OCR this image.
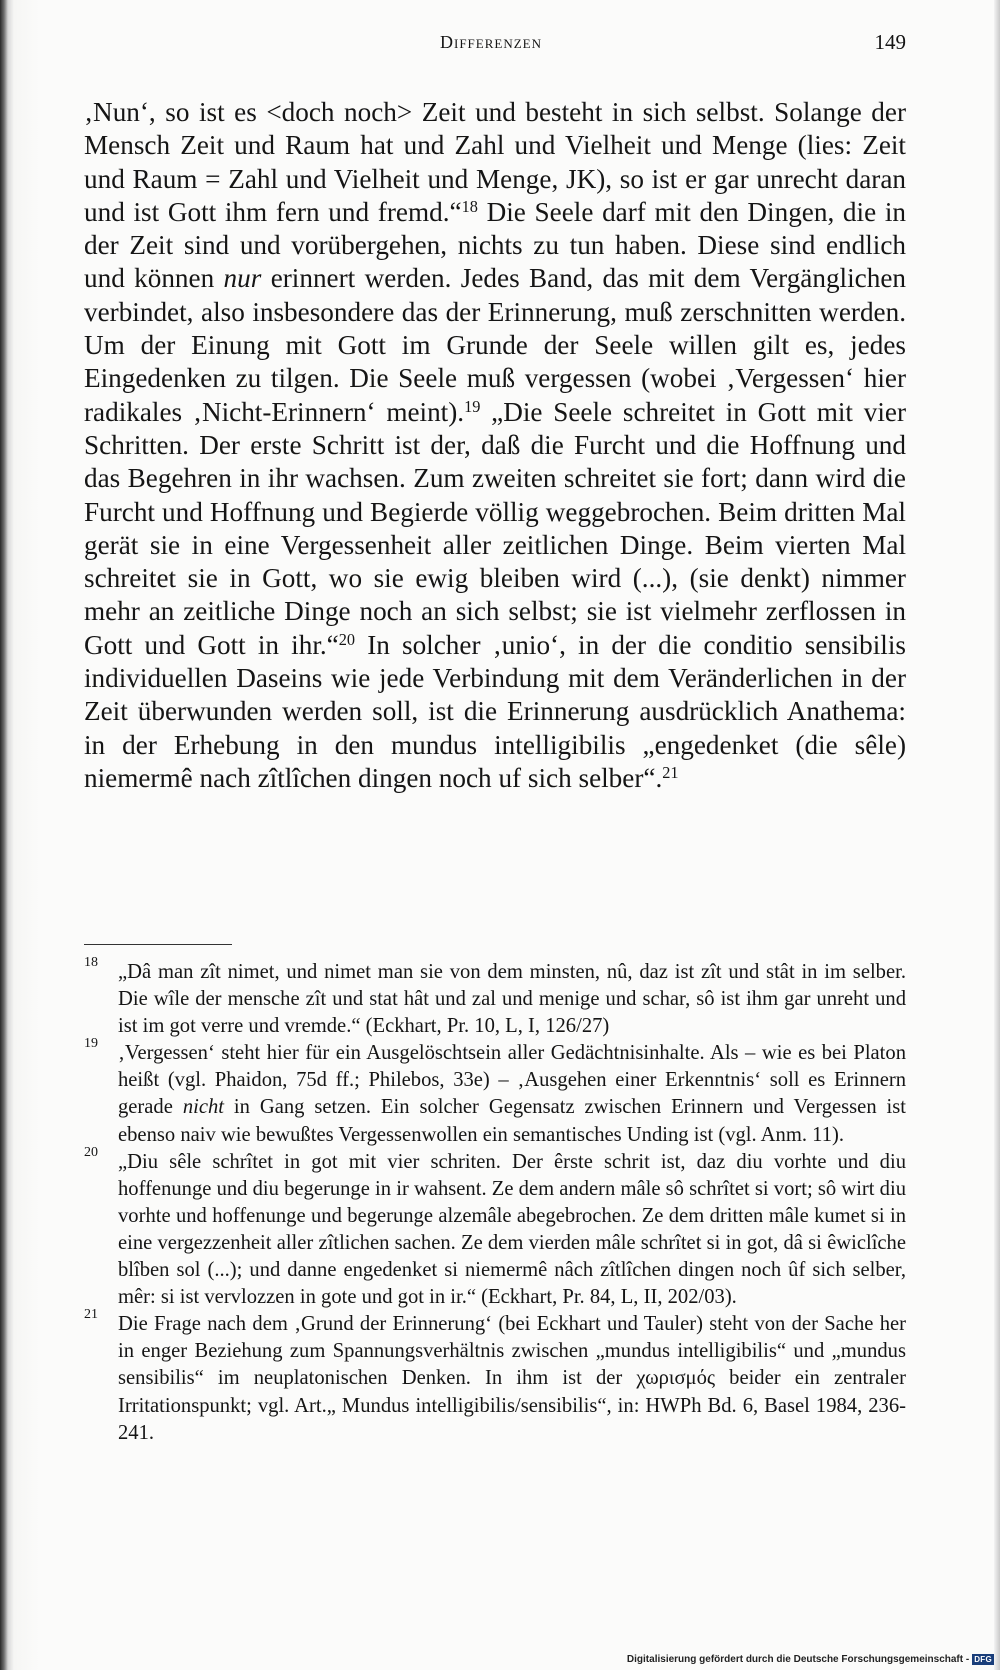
Differenzen	149

‚Nun‘, so ist es <doch noch> Zeit und besteht in sich selbst. Solange der Mensch Zeit und Raum hat und Zahl und Vielheit und Menge (lies: Zeit und Raum = Zahl und Vielheit und Menge, JK), so ist er gar unrecht daran und ist Gott ihm fern und fremd.“$^{18}$ Die Seele darf mit den Dingen, die in der Zeit sind und vorübergehen, nichts zu tun haben. Diese sind endlich und können nur erinnert werden. Jedes Band, das mit dem Vergänglichen verbindet, also insbesondere das der Erinnerung, muß zerschnitten werden. Um der Einung mit Gott im Grunde der Seele willen gilt es, jedes Eingedenken zu tilgen. Die Seele muß vergessen (wobei ‚Vergessen‘ hier radikales ‚Nicht-Erinnern‘ meint).$^{19}$ „Die Seele schreitet in Gott mit vier Schritten. Der erste Schritt ist der, daß die Furcht und die Hoffnung und das Begehren in ihr wachsen. Zum zweiten schreitet sie fort; dann wird die Furcht und Hoffnung und Begierde völlig weggebrochen. Beim dritten Mal gerät sie in eine Vergessenheit aller zeitlichen Dinge. Beim vierten Mal schreitet sie in Gott, wo sie ewig bleiben wird (...), (sie denkt) nimmer mehr an zeitliche Dinge noch an sich selbst; sie ist vielmehr zerflossen in Gott und Gott in ihr.“$^{20}$ In solcher ‚unio‘, in der die conditio sensibilis individuellen Daseins wie jede Verbindung mit dem Veränderlichen in der Zeit überwunden werden soll, ist die Erinnerung ausdrücklich Anathema: in der Erhebung in den mundus intelligibilis „engedenket (die sêle) niemermê nach zîtlîchen dingen noch uf sich selber“.$^{21}$

18 „Dâ man zît nimet, und nimet man sie von dem minsten, nû, daz ist zît und stât in im selber. Die wîle der mensche zît und stat hât und zal und menige und schar, sô ist ihm gar unreht und ist im got verre und vremde.“ (Eckhart, Pr. 10, L, I, 126/27)
19 ‚Vergessen‘ steht hier für ein Ausgelöschtsein aller Gedächtnisinhalte. Als – wie es bei Platon heißt (vgl. Phaidon, 75d ff.; Philebos, 33e) – ‚Ausgehen einer Erkenntnis‘ soll es Erinnern gerade nicht in Gang setzen. Ein solcher Gegensatz zwischen Erinnern und Vergessen ist ebenso naiv wie bewußtes Vergessenwollen ein semantisches Unding ist (vgl. Anm. 11).
20 „Diu sêle schrîtet in got mit vier schriten. Der êrste schrit ist, daz diu vorhte und diu hoffenunge und diu begerunge in ir wahsent. Ze dem andern mâle sô schrîtet si vort; sô wirt diu vorhte und hoffenunge und begerunge alzemâle abegebrochen. Ze dem dritten mâle kumet si in eine vergezzenheit aller zîtlichen sachen. Ze dem vierden mâle schrîtet si in got, dâ si êwiclîche blîben sol (...); und danne engedenket si niemermê nâch zîtlîchen dingen noch ûf sich selber, mêr: si ist vervlozzen in gote und got in ir.“ (Eckhart, Pr. 84, L, II, 202/03).
21 Die Frage nach dem ‚Grund der Erinnerung‘ (bei Eckhart und Tauler) steht von der Sache her in enger Beziehung zum Spannungsverhältnis zwischen „mundus intelligibilis“ und „mundus sensibilis“ im neuplatonischen Denken. In ihm ist der χωρισμός beider ein zentraler Irritationspunkt; vgl. Art.„ Mundus intelligibilis/sensibilis“, in: HWPh Bd. 6, Basel 1984, 236-241.
Digitalisierung gefördert durch die Deutsche Forschungsgemeinschaft - DFG
